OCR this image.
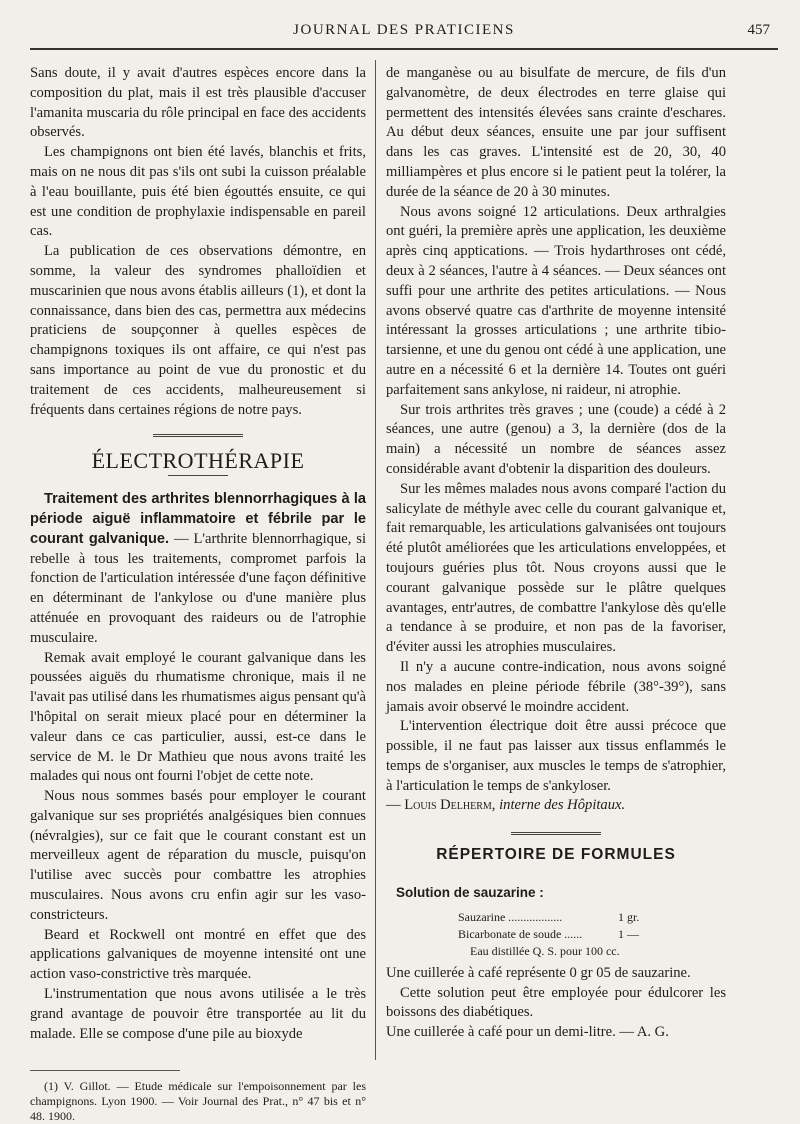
JOURNAL DES PRATICIENS	457

Sans doute, il y avait d'autres espèces encore dans la composition du plat, mais il est très plausible d'accuser l'amanita muscaria du rôle principal en face des accidents observés.

Les champignons ont bien été lavés, blanchis et frits, mais on ne nous dit pas s'ils ont subi la cuisson préalable à l'eau bouillante, puis été bien égouttés ensuite, ce qui est une condition de prophylaxie indispensable en pareil cas.

La publication de ces observations démontre, en somme, la valeur des syndromes phalloïdien et muscarinien que nous avons établis ailleurs (1), et dont la connaissance, dans bien des cas, permettra aux médecins praticiens de soupçonner à quelles espèces de champignons toxiques ils ont affaire, ce qui n'est pas sans importance au point de vue du pronostic et du traitement de ces accidents, malheureusement si fréquents dans certaines régions de notre pays.

ÉLECTROTHÉRAPIE

Traitement des arthrites blennorrhagiques à la période aiguë inflammatoire et fébrile par le courant galvanique. — L'arthrite blennorrhagique, si rebelle à tous les traitements, compromet parfois la fonction de l'articulation intéressée d'une façon définitive en déterminant de l'ankylose ou d'une manière plus atténuée en provoquant des raideurs ou de l'atrophie musculaire.

Remak avait employé le courant galvanique dans les poussées aiguës du rhumatisme chronique, mais il ne l'avait pas utilisé dans les rhumatismes aigus pensant qu'à l'hôpital on serait mieux placé pour en déterminer la valeur dans ce cas particulier, aussi, est-ce dans le service de M. le Dr Mathieu que nous avons traité les malades qui nous ont fourni l'objet de cette note.

Nous nous sommes basés pour employer le courant galvanique sur ses propriétés analgésiques bien connues (névralgies), sur ce fait que le courant constant est un merveilleux agent de réparation du muscle, puisqu'on l'utilise avec succès pour combattre les atrophies musculaires. Nous avons cru enfin agir sur les vaso-constricteurs.

Beard et Rockwell ont montré en effet que des applications galvaniques de moyenne intensité ont une action vaso-constrictive très marquée.

L'instrumentation que nous avons utilisée a le très grand avantage de pouvoir être transportée au lit du malade. Elle se compose d'une pile au bioxyde

(1) V. Gillot. — Etude médicale sur l'empoisonnement par les champignons. Lyon 1900. — Voir Journal des Prat., n° 47 bis et n° 48. 1900.

de manganèse ou au bisulfate de mercure, de fils d'un galvanomètre, de deux électrodes en terre glaise qui permettent des intensités élevées sans crainte d'eschares. Au début deux séances, ensuite une par jour suffisent dans les cas graves. L'intensité est de 20, 30, 40 milliampères et plus encore si le patient peut la tolérer, la durée de la séance de 20 à 30 minutes.

Nous avons soigné 12 articulations. Deux arthralgies ont guéri, la première après une application, les deuxième après cinq apptications. — Trois hydarthroses ont cédé, deux à 2 séances, l'autre à 4 séances. — Deux séances ont suffi pour une arthrite des petites articulations. — Nous avons observé quatre cas d'arthrite de moyenne intensité intéressant la grosses articulations ; une arthrite tibio-tarsienne, et une du genou ont cédé à une application, une autre en a nécessité 6 et la dernière 14. Toutes ont guéri parfaitement sans ankylose, ni raideur, ni atrophie.

Sur trois arthrites très graves ; une (coude) a cédé à 2 séances, une autre (genou) a 3, la dernière (dos de la main) a nécessité un nombre de séances assez considérable avant d'obtenir la disparition des douleurs.

Sur les mêmes malades nous avons comparé l'action du salicylate de méthyle avec celle du courant galvanique et, fait remarquable, les articulations galvanisées ont toujours été plutôt améliorées que les articulations enveloppées, et toujours guéries plus tôt. Nous croyons aussi que le courant galvanique possède sur le plâtre quelques avantages, entr'autres, de combattre l'ankylose dès qu'elle a tendance à se produire, et non pas de la favoriser, d'éviter aussi les atrophies musculaires.

Il n'y a aucune contre-indication, nous avons soigné nos malades en pleine période fébrile (38°-39°), sans jamais avoir observé le moindre accident.

L'intervention électrique doit être aussi précoce que possible, il ne faut pas laisser aux tissus enflammés le temps de s'organiser, aux muscles le temps de s'atrophier, à l'articulation le temps de s'ankyloser.

— Louis Delherm, interne des Hôpitaux.

RÉPERTOIRE DE FORMULES
Solution de sauzarine :
Sauzarine ..................	1 gr.
Bicarbonate de soude ......	1 —
Eau distillée Q. S. pour 100 cc.

Une cuillerée à café représente 0 gr 05 de sauzarine.

Cette solution peut être employée pour édulcorer les boissons des diabétiques.

Une cuillerée à café pour un demi-litre. — A. G.
